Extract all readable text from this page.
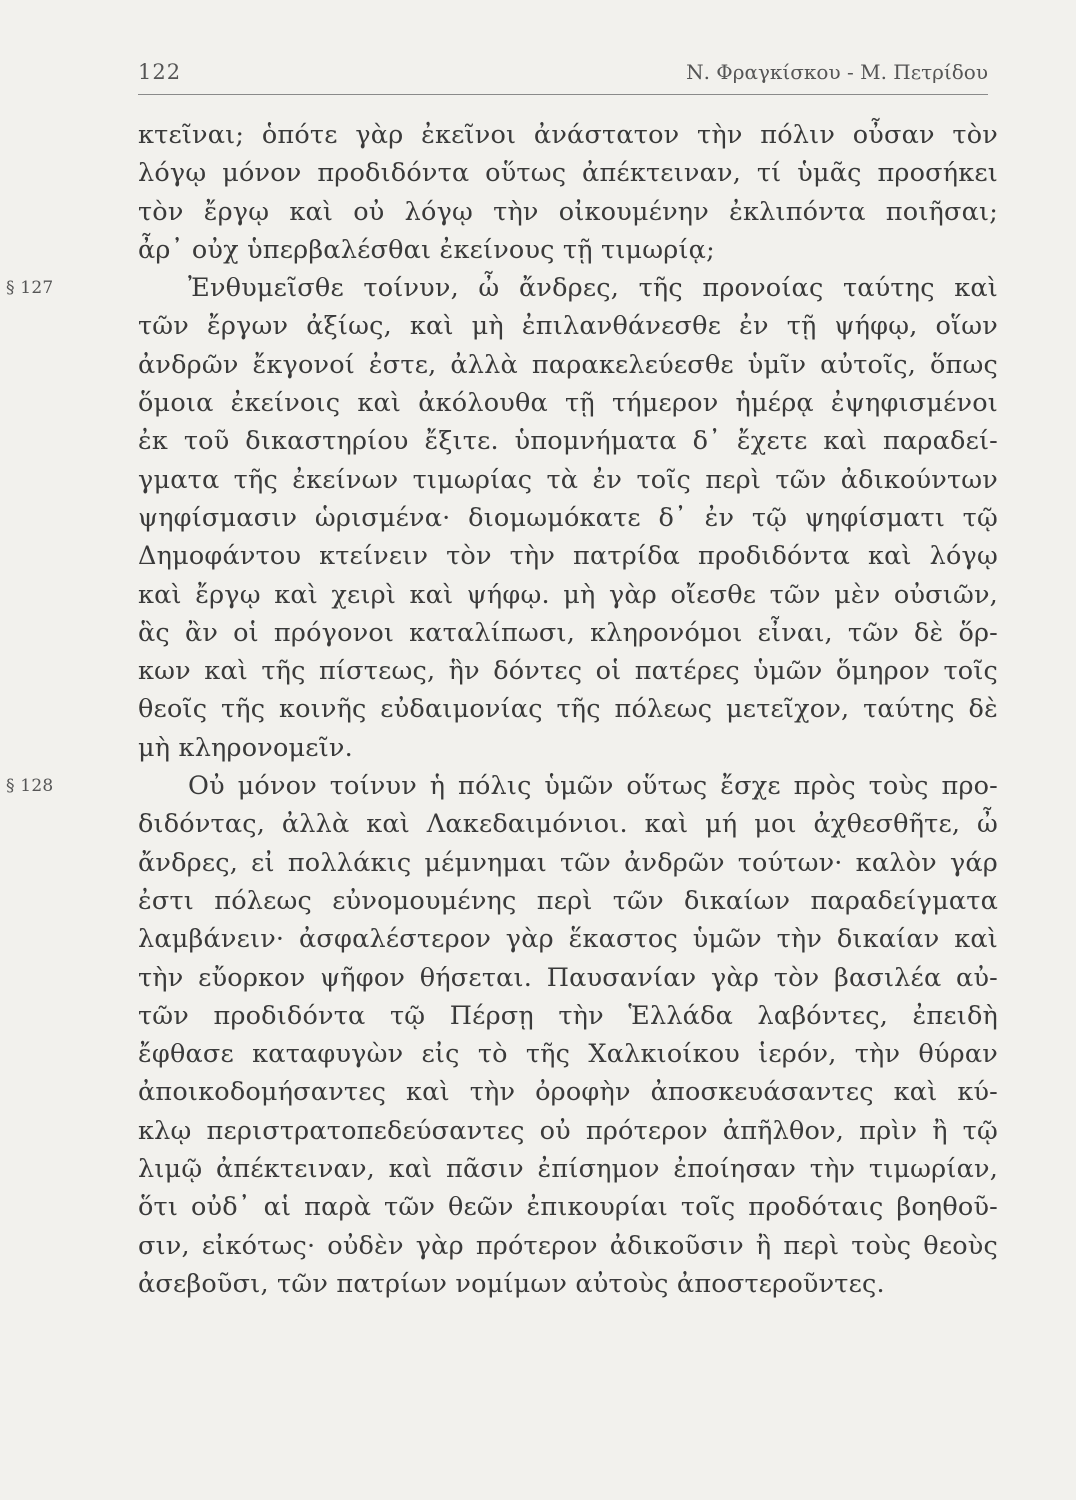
122	Ν. Φραγκίσκου - Μ. Πετρίδου
κτεῖναι; ὁπότε γὰρ ἐκεῖνοι ἀνάστατον τὴν πόλιν οὖσαν τὸν
λόγῳ μόνον προδιδόντα οὕτως ἀπέκτειναν, τί ὑμᾶς προσήκει
τὸν ἔργῳ καὶ οὐ λόγῳ τὴν οἰκουμένην ἐκλιπόντα ποιῆσαι;
ἆρ᾽ οὐχ ὑπερβαλέσθαι ἐκείνους τῇ τιμωρίᾳ;
§ 127	Ἐνθυμεῖσθε τοίνυν, ὦ ἄνδρες, τῆς προνοίας ταύτης καὶ
τῶν ἔργων ἀξίως, καὶ μὴ ἐπιλανθάνεσθε ἐν τῇ ψήφῳ, οἵων
ἀνδρῶν ἔκγονοί ἐστε, ἀλλὰ παρακελεύεσθε ὑμῖν αὐτοῖς, ὅπως
ὅμοια ἐκείνοις καὶ ἀκόλουθα τῇ τήμερον ἡμέρᾳ ἐψηφισμένοι
ἐκ τοῦ δικαστηρίου ἔξιτε. ὑπομνήματα δ᾽ ἔχετε καὶ παραδεί-
γματα τῆς ἐκείνων τιμωρίας τὰ ἐν τοῖς περὶ τῶν ἀδικούντων
ψηφίσμασιν ὡρισμένα· διομωμόκατε δ᾽ ἐν τῷ ψηφίσματι τῷ
Δημοφάντου κτείνειν τὸν τὴν πατρίδα προδιδόντα καὶ λόγῳ
καὶ ἔργῳ καὶ χειρὶ καὶ ψήφῳ. μὴ γὰρ οἴεσθε τῶν μὲν οὐσιῶν,
ἃς ἂν οἱ πρόγονοι καταλίπωσι, κληρονόμοι εἶναι, τῶν δὲ ὅρ-
κων καὶ τῆς πίστεως, ἣν δόντες οἱ πατέρες ὑμῶν ὅμηρον τοῖς
θεοῖς τῆς κοινῆς εὐδαιμονίας τῆς πόλεως μετεῖχον, ταύτης δὲ
μὴ κληρονομεῖν.
§ 128	Οὐ μόνον τοίνυν ἡ πόλις ὑμῶν οὕτως ἔσχε πρὸς τοὺς προ-
διδόντας, ἀλλὰ καὶ Λακεδαιμόνιοι. καὶ μή μοι ἀχθεσθῆτε, ὦ
ἄνδρες, εἰ πολλάκις μέμνημαι τῶν ἀνδρῶν τούτων· καλὸν γάρ
ἐστι πόλεως εὐνομουμένης περὶ τῶν δικαίων παραδείγματα
λαμβάνειν· ἀσφαλέστερον γὰρ ἕκαστος ὑμῶν τὴν δικαίαν καὶ
τὴν εὔορκον ψῆφον θήσεται. Παυσανίαν γὰρ τὸν βασιλέα αὐ-
τῶν προδιδόντα τῷ Πέρσῃ τὴν Ἑλλάδα λαβόντες, ἐπειδὴ
ἔφθασε καταφυγὼν εἰς τὸ τῆς Χαλκιοίκου ἱερόν, τὴν θύραν
ἀποικοδομήσαντες καὶ τὴν ὀροφὴν ἀποσκευάσαντες καὶ κύ-
κλῳ περιστρατοπεδεύσαντες οὐ πρότερον ἀπῆλθον, πρὶν ἢ τῷ
λιμῷ ἀπέκτειναν, καὶ πᾶσιν ἐπίσημον ἐποίησαν τὴν τιμωρίαν,
ὅτι οὐδ᾽ αἱ παρὰ τῶν θεῶν ἐπικουρίαι τοῖς προδόταις βοηθοῦ-
σιν, εἰκότως· οὐδὲν γὰρ πρότερον ἀδικοῦσιν ἢ περὶ τοὺς θεοὺς
ἀσεβοῦσι, τῶν πατρίων νομίμων αὐτοὺς ἀποστεροῦντες.
